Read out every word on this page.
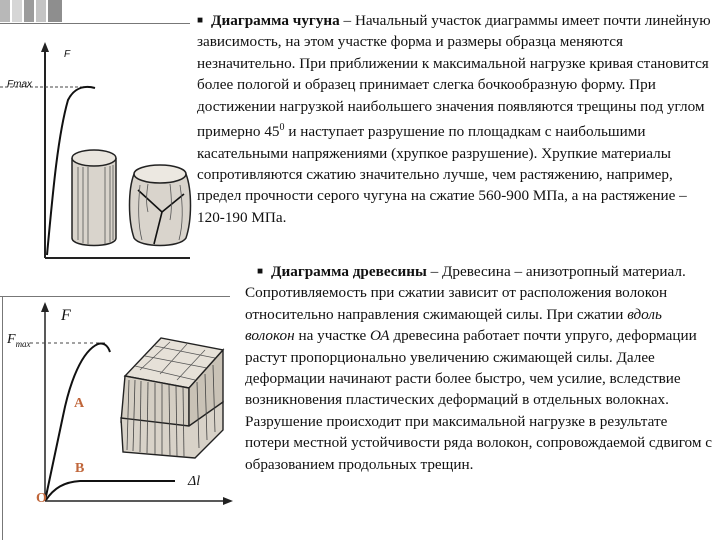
F
Fmax
F
$F_{max}$
A
B
O
Δl

■ Диаграмма чугуна – Начальный участок диаграммы имеет почти линейную зависимость, на этом участке форма и размеры образца меняются незначительно. При приближении к максимальной нагрузке кривая становится более пологой и образец принимает слегка бочкообразную форму. При достижении нагрузкой наибольшего значения появляются трещины под углом примерно $45^0$ и наступает разрушение по площадкам с наибольшими касательными напряжениями (хрупкое разрушение). Хрупкие материалы сопротивляются сжатию значительно лучше, чем растяжению, например, предел прочности серого чугуна на сжатие 560-900 МПа, а на растяжение – 120-190 МПа.

■ Диаграмма древесины – Древесина – анизотропный материал. Сопротивляемость при сжатии зависит от расположения волокон относительно направления сжимающей силы. При сжатии вдоль волокон на участке ОА древесина работает почти упруго, деформации растут пропорционально увеличению сжимающей силы. Далее деформации начинают расти более быстро, чем усилие, вследствие возникновения пластических деформаций в отдельных волокнах. Разрушение происходит при максимальной нагрузке в результате потери местной устойчивости ряда волокон, сопровождаемой сдвигом с образованием продольных трещин.
